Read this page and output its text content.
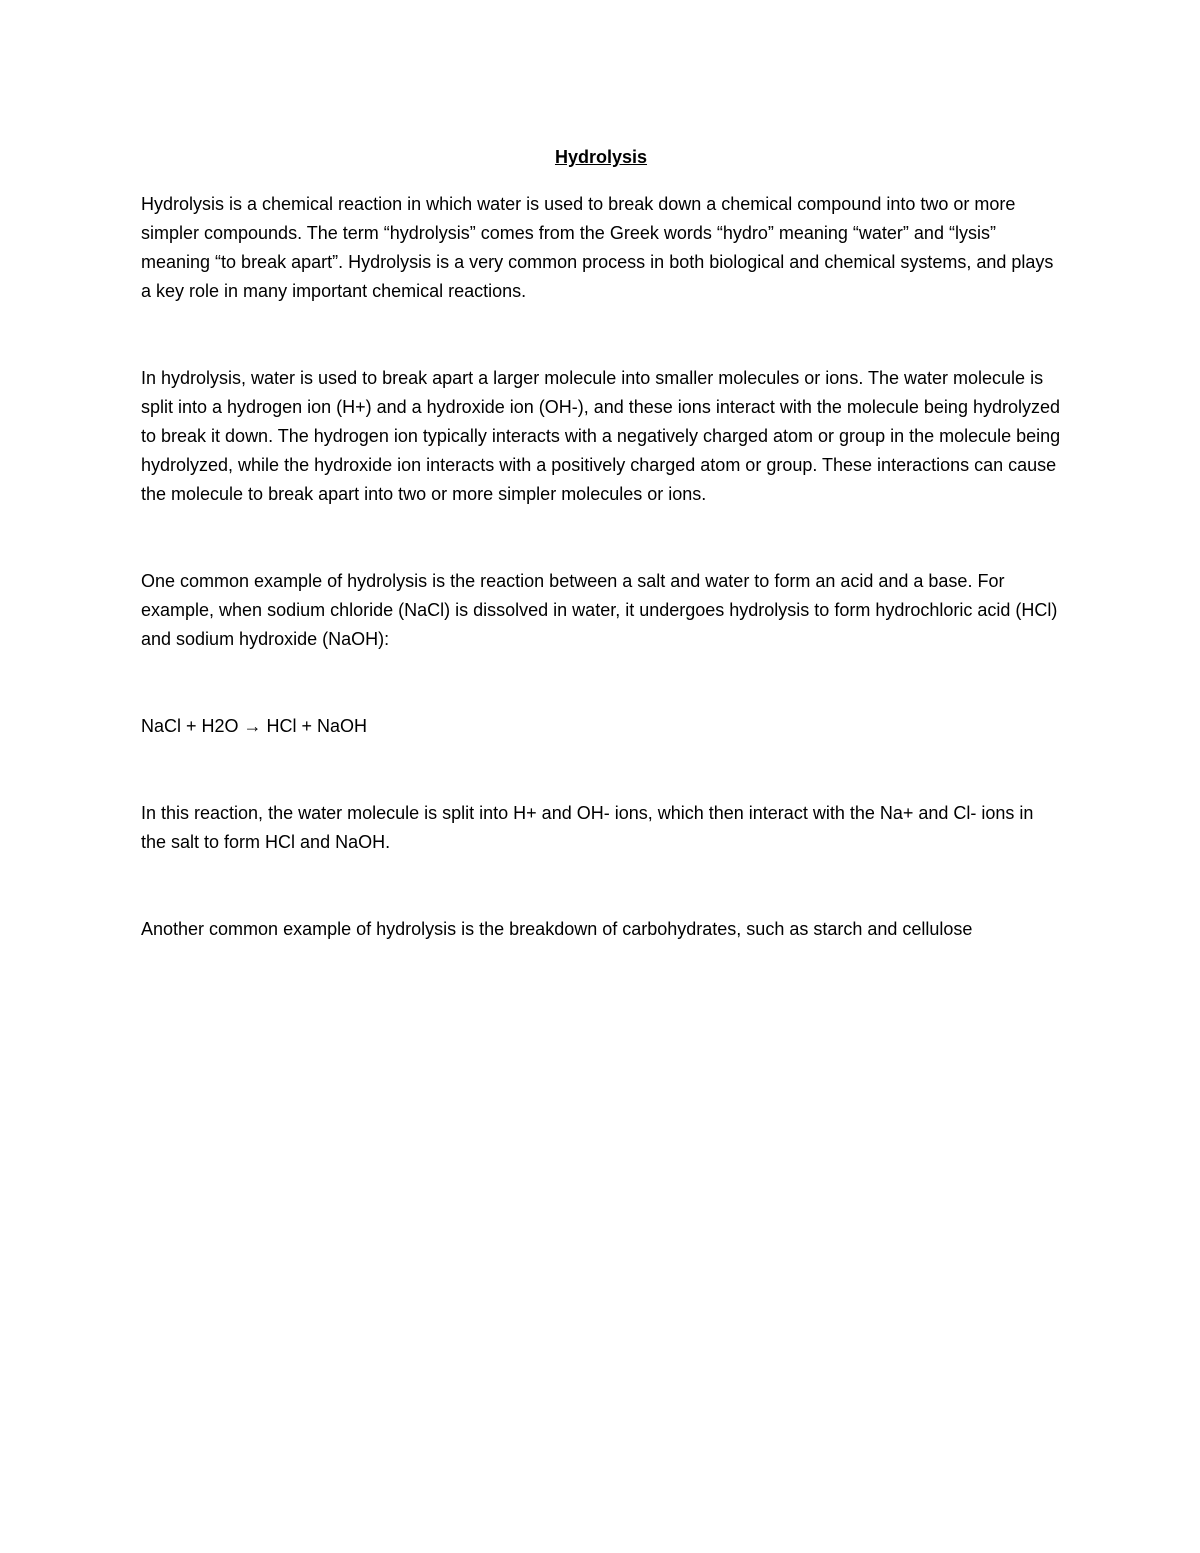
Hydrolysis

Hydrolysis is a chemical reaction in which water is used to break down a chemical compound into two or more simpler compounds. The term “hydrolysis” comes from the Greek words “hydro” meaning “water” and “lysis” meaning “to break apart”. Hydrolysis is a very common process in both biological and chemical systems, and plays a key role in many important chemical reactions.

In hydrolysis, water is used to break apart a larger molecule into smaller molecules or ions. The water molecule is split into a hydrogen ion (H+) and a hydroxide ion (OH-), and these ions interact with the molecule being hydrolyzed to break it down. The hydrogen ion typically interacts with a negatively charged atom or group in the molecule being hydrolyzed, while the hydroxide ion interacts with a positively charged atom or group. These interactions can cause the molecule to break apart into two or more simpler molecules or ions.

One common example of hydrolysis is the reaction between a salt and water to form an acid and a base. For example, when sodium chloride (NaCl) is dissolved in water, it undergoes hydrolysis to form hydrochloric acid (HCl) and sodium hydroxide (NaOH):

NaCl + H2O → HCl + NaOH

In this reaction, the water molecule is split into H+ and OH- ions, which then interact with the Na+ and Cl- ions in the salt to form HCl and NaOH.

Another common example of hydrolysis is the breakdown of carbohydrates, such as starch and cellulose
